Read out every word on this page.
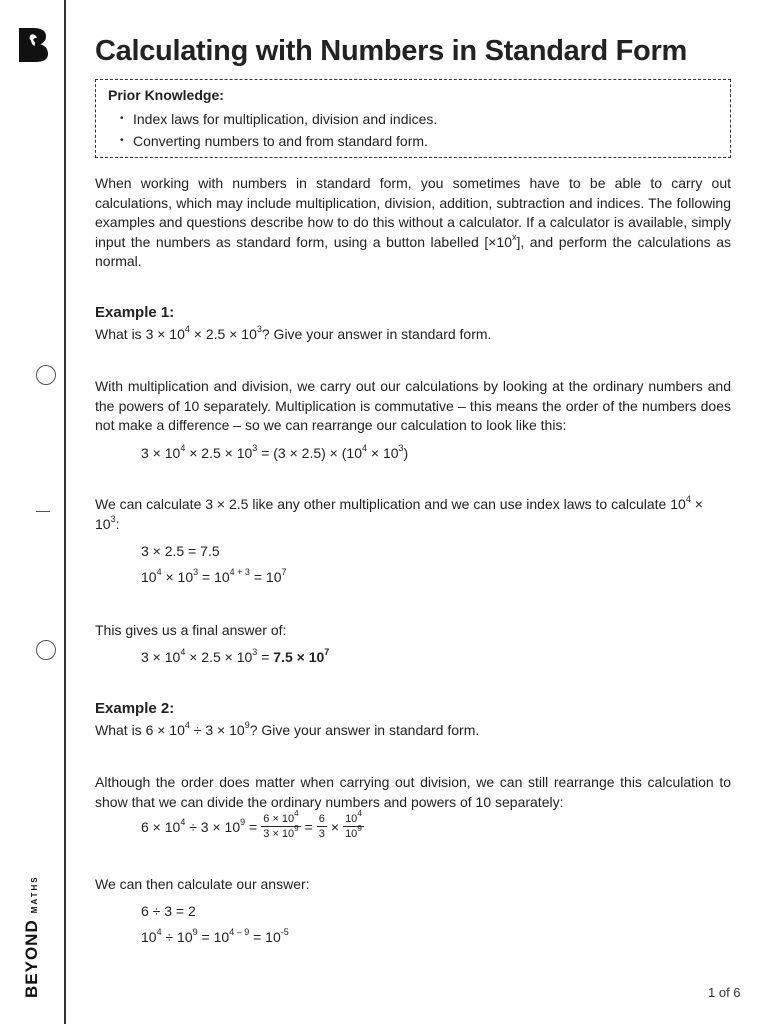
BEYOND
MATHS
Calculating with Numbers in Standard Form
Prior Knowledge:
• Index laws for multiplication, division and indices.
• Converting numbers to and from standard form.

When working with numbers in standard form, you sometimes have to be able to carry out calculations, which may include multiplication, division, addition, subtraction and indices. The following examples and questions describe how to do this without a calculator. If a calculator is available, simply input the numbers as standard form, using a button labelled $[\times 10^x]$, and perform the calculations as normal.

Example 1:
What is $3 \times 10^4 \times 2.5 \times 10^3$? Give your answer in standard form.

With multiplication and division, we carry out our calculations by looking at the ordinary numbers and the powers of 10 separately. Multiplication is commutative – this means the order of the numbers does not make a difference – so we can rearrange our calculation to look like this:

$3 \times 10^4 \times 2.5 \times 10^3 = (3 \times 2.5) \times (10^4 \times 10^3)$

We can calculate 3 × 2.5 like any other multiplication and we can use index laws to calculate $10^4 \times 10^3$:

3 × 2.5 = 7.5
$10^4 \times 10^3 = 10^{4 + 3} = 10^7$
This gives us a final answer of:
$3 \times 10^4 \times 2.5 \times 10^3 = 7.5 \times 10^7$
Example 2:
What is $6 \times 10^4 \div 3 \times 10^9$? Give your answer in standard form.

Although the order does matter when carrying out division, we can still rearrange this calculation to show that we can divide the ordinary numbers and powers of 10 separately:

$6 \times 10^4 \div 3 \times 10^9 = \frac{6 \times 10^4}{3 \times 10^9} = \frac{6}{3} \times \frac{10^4}{10^9}$
We can then calculate our answer:
6 ÷ 3 = 2
$10^4 \div 10^9 = 10^{4 - 9} = 10^{-5}$
1 of 6
